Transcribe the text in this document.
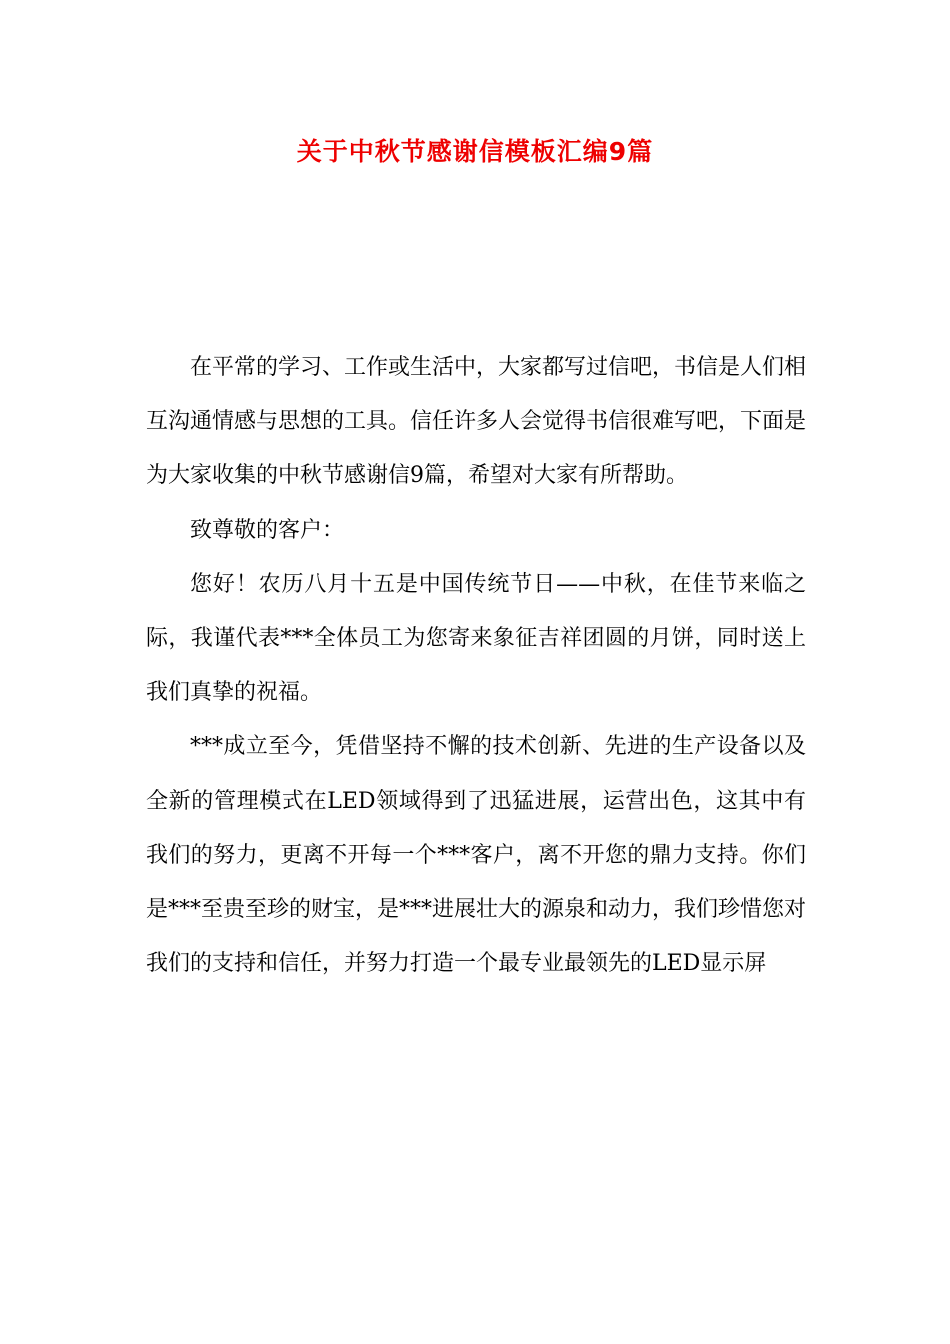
关于中秋节感谢信模板汇编9篇

在平常的学习、工作或生活中，大家都写过信吧，书信是人们相互沟通情感与思想的工具。信任许多人会觉得书信很难写吧，下面是为大家收集的中秋节感谢信9篇，希望对大家有所帮助。

致尊敬的客户：

您好！农历八月十五是中国传统节日——中秋，在佳节来临之际，我谨代表***全体员工为您寄来象征吉祥团圆的月饼，同时送上我们真挚的祝福。

***成立至今，凭借坚持不懈的技术创新、先进的生产设备以及全新的管理模式在LED领域得到了迅猛进展，运营出色，这其中有我们的努力，更离不开每一个***客户，离不开您的鼎力支持。你们是***至贵至珍的财宝，是***进展壮大的源泉和动力，我们珍惜您对我们的支持和信任，并努力打造一个最专业最领先的LED显示屏
